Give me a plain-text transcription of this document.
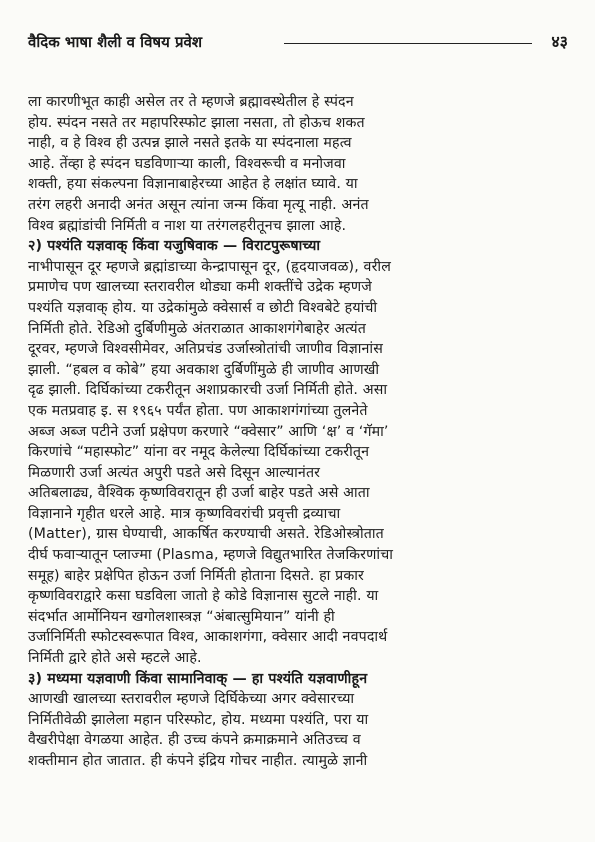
वैदिक भाषा शैली व विषय प्रवेश	४३
ला कारणीभूत काही असेल तर ते म्हणजे ब्रह्मावस्थेतील हे स्पंदन
होय. स्पंदन नसते तर महापरिस्फोट झाला नसता, तो होऊच शकत
नाही, व हे विश्व ही उत्पन्न झाले नसते इतके या स्पंदनाला महत्व
आहे. तेंव्हा हे स्पंदन घडविणाऱ्या काली, विश्वरूची व मनोजवा
शक्ती, हया संकल्पना विज्ञानाबाहेरच्या आहेत हे लक्षांत घ्यावे. या
तरंग लहरी अनादी अनंत असून त्यांना जन्म किंवा मृत्यू नाही. अनंत
विश्व ब्रह्मांडांची निर्मिती व नाश या तरंगलहरीतूनच झाला आहे.
२) पश्यंति यज्ञवाक् किंवा यजुषिवाक — विराटपुरूषाच्या
नाभीपासून दूर म्हणजे ब्रह्मांडाच्या केन्द्रापासून दूर, (हृदयाजवळ), वरील
प्रमाणेच पण खालच्या स्तरावरील थोड्या कमी शक्तींचे उद्रेक म्हणजे
पश्यंति यज्ञवाक् होय. या उद्रेकांमुळे क्वेसार्स व छोटी विश्वबेटे हयांची
निर्मिती होते. रेडिओ दुर्बिणीमुळे अंतराळात आकाशगंगेबाहेर अत्यंत
दूरवर, म्हणजे विश्वसीमेवर, अतिप्रचंड उर्जास्त्रोतांची जाणीव विज्ञानांस
झाली. “हबल व कोबे” हया अवकाश दुर्बिणींमुळे ही जाणीव आणखी
दृढ झाली. दिर्घिकांच्या टकरीतून अशाप्रकारची उर्जा निर्मिती होते. असा
एक मतप्रवाह इ. स १९६५ पर्यंत होता. पण आकाशगंगांच्या तुलनेते
अब्ज अब्ज पटीने उर्जा प्रक्षेपण करणारे “क्वेसार” आणि ‘क्ष’ व ‘गॅमा’
किरणांचे “महास्फोट” यांना वर नमूद केलेल्या दिर्घिकांच्या टकरीतून
मिळणारी उर्जा अत्यंत अपुरी पडते असे दिसून आल्यानंतर
अतिबलाढ्य, वैश्विक कृष्णविवरातून ही उर्जा बाहेर पडते असे आता
विज्ञानाने गृहीत धरले आहे. मात्र कृष्णविवरांची प्रवृत्ती द्रव्याचा
(Matter), ग्रास घेण्याची, आकर्षित करण्याची असते. रेडिओस्त्रोतात
दीर्घ फवाऱ्यातून प्लाज्मा (Plasma, म्हणजे विद्युतभारित तेजकिरणांचा
समूह) बाहेर प्रक्षेपित होऊन उर्जा निर्मिती होताना दिसते. हा प्रकार
कृष्णविवराद्वारे कसा घडविला जातो हे कोडे विज्ञानास सुटले नाही. या
संदर्भात आर्मोनियन खगोलशास्त्रज्ञ “अंबात्सुमियान” यांनी ही
उर्जानिर्मिती स्फोटस्वरूपात विश्व, आकाशगंगा, क्वेसार आदी नवपदार्थ
निर्मिती द्वारे होते असे म्हटले आहे.
३) मध्यमा यज्ञवाणी किंवा सामानिवाक् — हा पश्यंति यज्ञवाणीहून
आणखी खालच्या स्तरावरील म्हणजे दिर्घिकेच्या अगर क्वेसारच्या
निर्मितीवेळी झालेला महान परिस्फोट, होय. मध्यमा पश्यंति, परा या
वैखरीपेक्षा वेगळया आहेत. ही उच्च कंपने क्रमाक्रमाने अतिउच्च व
शक्तीमान होत जातात. ही कंपने इंद्रिय गोचर नाहीत. त्यामुळे ज्ञानी
